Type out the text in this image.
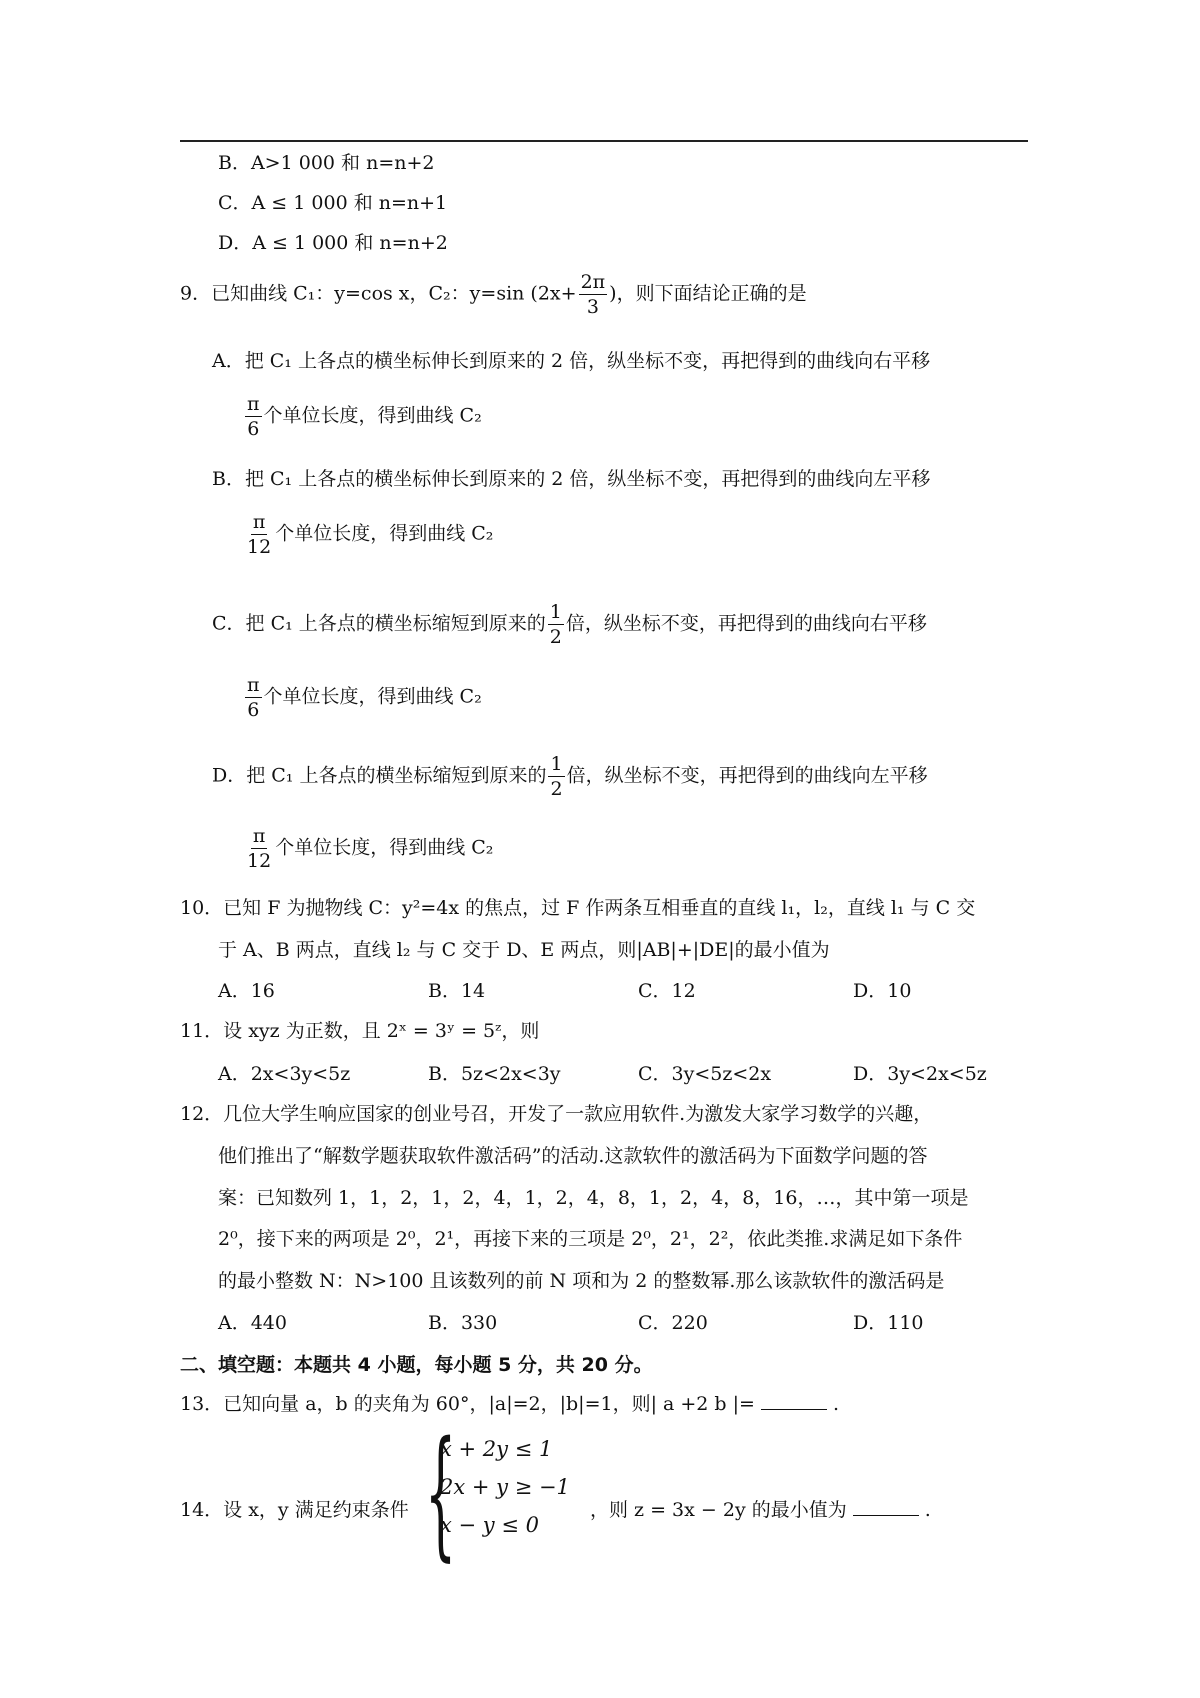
B．A>1 000 和 n=n+2
C．A ≤ 1 000 和 n=n+1
D．A ≤ 1 000 和 n=n+2
9．已知曲线 C₁：y=cos x，C₂：y=sin ($2x+ \frac{2\pi}{3}$ )，则下面结论正确的是
A．把 C₁ 上各点的横坐标伸长到原来的 2 倍，纵坐标不变，再把得到的曲线向右平移
$\frac{\pi}{6}$ 个单位长度，得到曲线 C₂
B．把 C₁ 上各点的横坐标伸长到原来的 2 倍，纵坐标不变，再把得到的曲线向左平移
$\frac{\pi}{12}$ 个单位长度，得到曲线 C₂
C．把 C₁ 上各点的横坐标缩短到原来的 $\frac{1}{2}$ 倍，纵坐标不变，再把得到的曲线向右平移
$\frac{\pi}{6}$ 个单位长度，得到曲线 C₂
D．把 C₁ 上各点的横坐标缩短到原来的 $\frac{1}{2}$ 倍，纵坐标不变，再把得到的曲线向左平移
$\frac{\pi}{12}$ 个单位长度，得到曲线 C₂
10．已知 F 为抛物线 C：y²=4x 的焦点，过 F 作两条互相垂直的直线 l₁，l₂，直线 l₁ 与 C 交
于 A、B 两点，直线 l₂ 与 C 交于 D、E 两点，则|AB|+|DE|的最小值为
A．16	B．14	C．12	D．10
11．设 xyz 为正数，且 2ˣ = 3ʸ = 5ᶻ，则
A．2x<3y<5z	B．5z<2x<3y	C．3y<5z<2x	D．3y<2x<5z
12．几位大学生响应国家的创业号召，开发了一款应用软件.为激发大家学习数学的兴趣，
他们推出了“解数学题获取软件激活码”的活动.这款软件的激活码为下面数学问题的答
案：已知数列 1，1，2，1，2，4，1，2，4，8，1，2，4，8，16，…，其中第一项是
2⁰，接下来的两项是 2⁰，2¹，再接下来的三项是 2⁰，2¹，2²，依此类推.求满足如下条件
的最小整数 N：N>100 且该数列的前 N 项和为 2 的整数幂.那么该款软件的激活码是
A．440	B．330	C．220	D．110
二、填空题：本题共 4 小题，每小题 5 分，共 20 分。
13．已知向量 a，b 的夹角为 60°，|a|=2，|b|=1，则| a +2 b |=	.
14．设 x，y 满足约束条件 {
x + 2y ≤ 1
2x + y ≥ −1
x − y ≤ 0
，则 z = 3x − 2y 的最小值为	.
